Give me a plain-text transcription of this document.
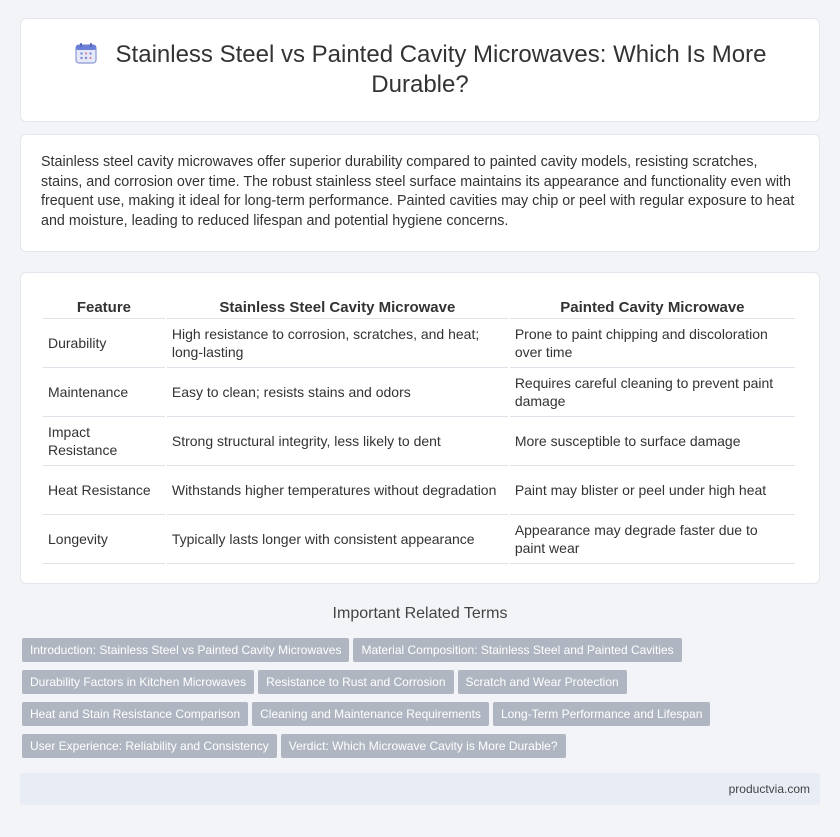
Stainless Steel vs Painted Cavity Microwaves: Which Is More Durable?

Stainless steel cavity microwaves offer superior durability compared to painted cavity models, resisting scratches, stains, and corrosion over time. The robust stainless steel surface maintains its appearance and functionality even with frequent use, making it ideal for long-term performance. Painted cavities may chip or peel with regular exposure to heat and moisture, leading to reduced lifespan and potential hygiene concerns.

Feature	Stainless Steel Cavity Microwave	Painted Cavity Microwave
Durability	High resistance to corrosion, scratches, and heat; long-lasting	Prone to paint chipping and discoloration over time
Maintenance	Easy to clean; resists stains and odors	Requires careful cleaning to prevent paint damage
Impact Resistance	Strong structural integrity, less likely to dent	More susceptible to surface damage
Heat Resistance	Withstands higher temperatures without degradation	Paint may blister or peel under high heat
Longevity	Typically lasts longer with consistent appearance	Appearance may degrade faster due to paint wear
Important Related Terms
Introduction: Stainless Steel vs Painted Cavity Microwaves Material Composition: Stainless Steel and Painted Cavities
Durability Factors in Kitchen Microwaves Resistance to Rust and Corrosion Scratch and Wear Protection
Heat and Stain Resistance Comparison Cleaning and Maintenance Requirements Long-Term Performance and Lifespan
User Experience: Reliability and Consistency Verdict: Which Microwave Cavity is More Durable?
productvia.com
